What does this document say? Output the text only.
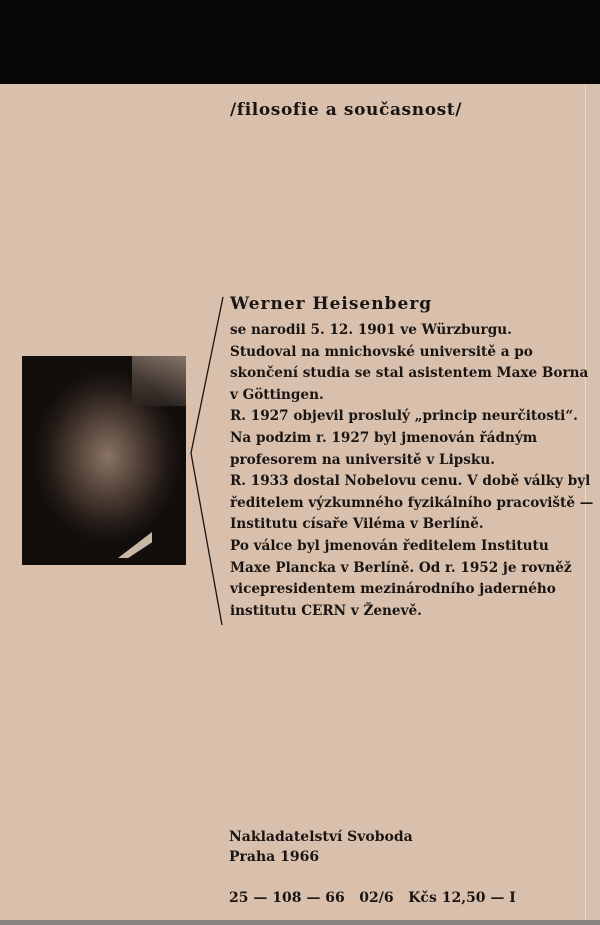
/filosofie a současnost/
Werner Heisenberg
se narodil 5. 12. 1901 ve Würzburgu.
Studoval na mnichovské universitě a po
skončení studia se stal asistentem Maxe Borna
v Göttingen.
R. 1927 objevil proslulý „princip neurčitosti“.
Na podzim r. 1927 byl jmenován řádným
profesorem na universitě v Lipsku.
R. 1933 dostal Nobelovu cenu. V době války byl
ředitelem výzkumného fyzikálního pracoviště —
Institutu císaře Viléma v Berlíně.
Po válce byl jmenován ředitelem Institutu
Maxe Plancka v Berlíně. Od r. 1952 je rovněž
vicepresidentem mezinárodního jaderného
institutu CERN v Ženevě.
Nakladatelství Svoboda
Praha 1966
25 — 108 — 66   02/6   Kčs 12,50 — I
